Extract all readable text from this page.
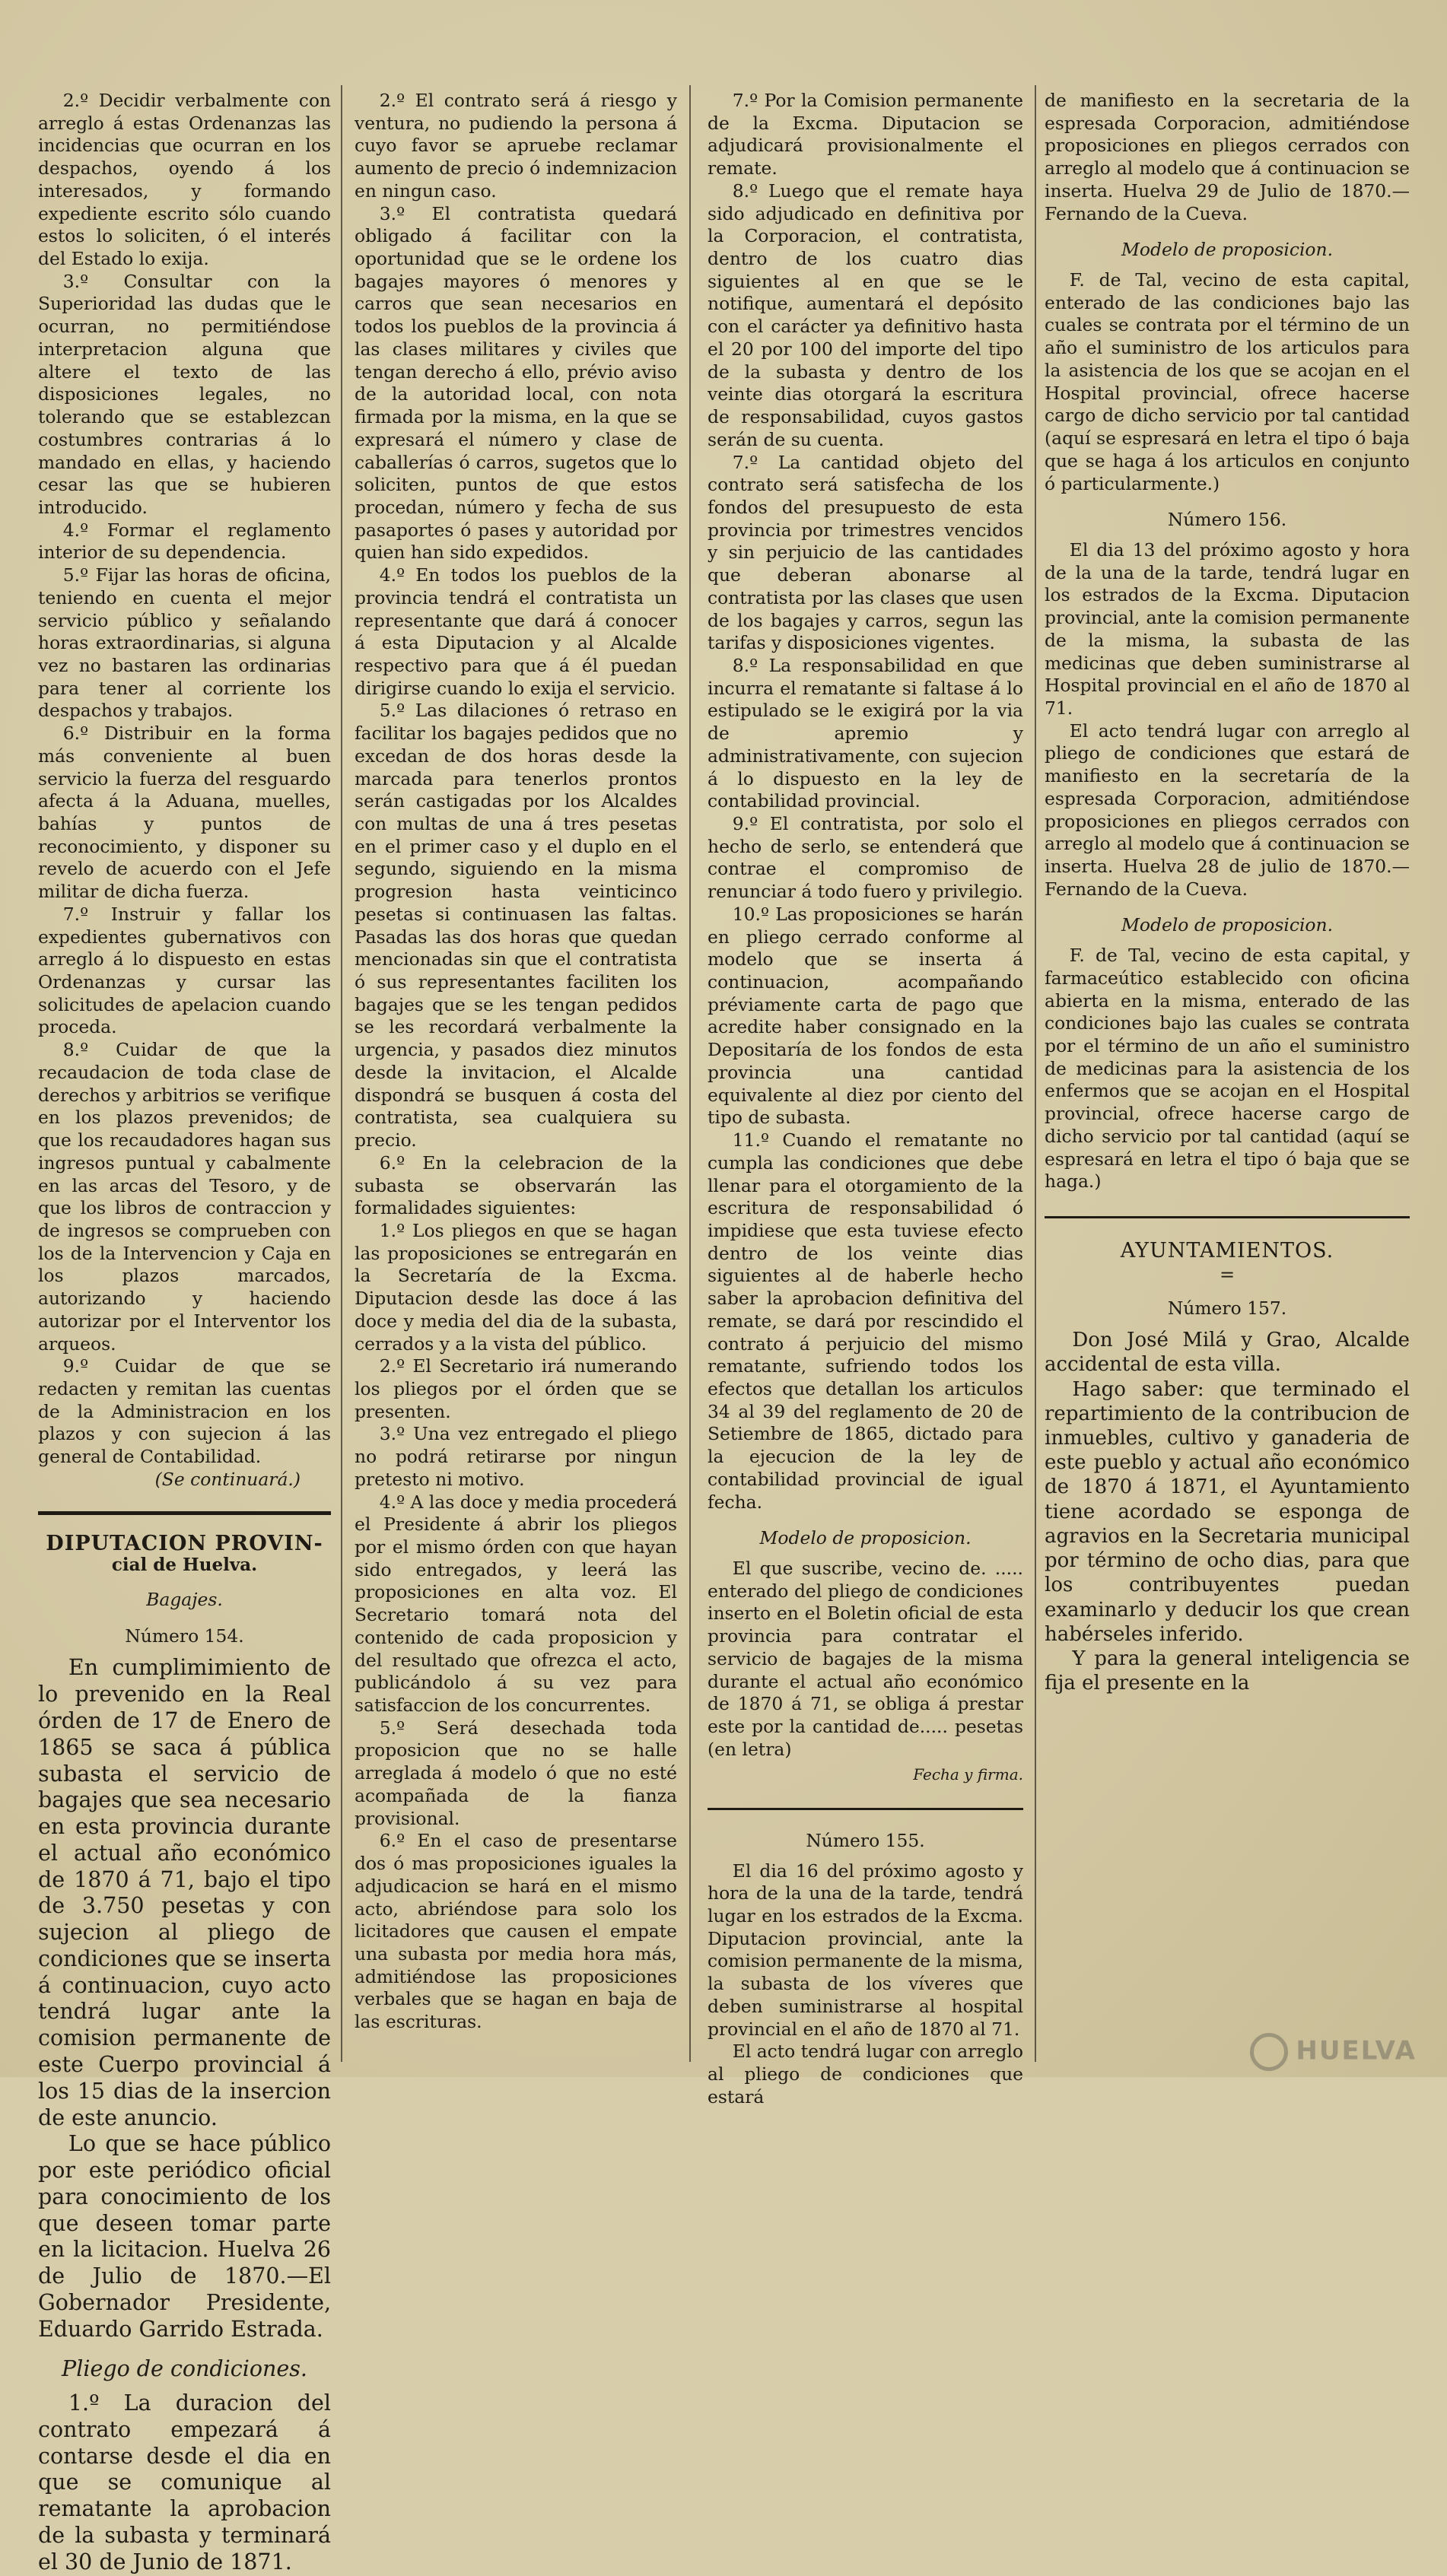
2.º Decidir verbalmente con arreglo á estas Ordenanzas las incidencias que ocurran en los despachos, oyendo á los interesados, y formando expediente escrito sólo cuando estos lo soliciten, ó el interés del Estado lo exija.

3.º Consultar con la Superioridad las dudas que le ocurran, no permitiéndose interpretacion alguna que altere el texto de las disposiciones legales, no tolerando que se establezcan costumbres contrarias á lo mandado en ellas, y haciendo cesar las que se hubieren introducido.

4.º Formar el reglamento interior de su dependencia.

5.º Fijar las horas de oficina, teniendo en cuenta el mejor servicio público y señalando horas extraordinarias, si alguna vez no bastaren las ordinarias para tener al corriente los despachos y trabajos.

6.º Distribuir en la forma más conveniente al buen servicio la fuerza del resguardo afecta á la Aduana, muelles, bahías y puntos de reconocimiento, y disponer su revelo de acuerdo con el Jefe militar de dicha fuerza.

7.º Instruir y fallar los expedientes gubernativos con arreglo á lo dispuesto en estas Ordenanzas y cursar las solicitudes de apelacion cuando proceda.

8.º Cuidar de que la recaudacion de toda clase de derechos y arbitrios se verifique en los plazos prevenidos; de que los recaudadores hagan sus ingresos puntual y cabalmente en las arcas del Tesoro, y de que los libros de contraccion y de ingresos se comprueben con los de la Intervencion y Caja en los plazos marcados, autorizando y haciendo autorizar por el Interventor los arqueos.

9.º Cuidar de que se redacten y remitan las cuentas de la Administracion en los plazos y con sujecion á las general de Contabilidad.

(Se continuará.)

DIPUTACION PROVIN-
cial de Huelva.

Bagajes.

Número 154.

En cumplimimiento de lo prevenido en la Real órden de 17 de Enero de 1865 se saca á pública subasta el servicio de bagajes que sea necesario en esta provincia durante el actual año económico de 1870 á 71, bajo el tipo de 3.750 pesetas y con sujecion al pliego de condiciones que se inserta á continuacion, cuyo acto tendrá lugar ante la comision permanente de este Cuerpo provincial á los 15 dias de la insercion de este anuncio.

Lo que se hace público por este periódico oficial para conocimiento de los que deseen tomar parte en la licitacion. Huelva 26 de Julio de 1870.—El Gobernador Presidente, Eduardo Garrido Estrada.

Pliego de condiciones.

1.º La duracion del contrato empezará á contarse desde el dia en que se comunique al rematante la aprobacion de la subasta y terminará el 30 de Junio de 1871.

2.º El contrato será á riesgo y ventura, no pudiendo la persona á cuyo favor se apruebe reclamar aumento de precio ó indemnizacion en ningun caso.

3.º El contratista quedará obligado á facilitar con la oportunidad que se le ordene los bagajes mayores ó menores y carros que sean necesarios en todos los pueblos de la provincia á las clases militares y civiles que tengan derecho á ello, prévio aviso de la autoridad local, con nota firmada por la misma, en la que se expresará el número y clase de caballerías ó carros, sugetos que lo soliciten, puntos de que estos procedan, número y fecha de sus pasaportes ó pases y autoridad por quien han sido expedidos.

4.º En todos los pueblos de la provincia tendrá el contratista un representante que dará á conocer á esta Diputacion y al Alcalde respectivo para que á él puedan dirigirse cuando lo exija el servicio.

5.º Las dilaciones ó retraso en facilitar los bagajes pedidos que no excedan de dos horas desde la marcada para tenerlos prontos serán castigadas por los Alcaldes con multas de una á tres pesetas en el primer caso y el duplo en el segundo, siguiendo en la misma progresion hasta veinticinco pesetas si continuasen las faltas. Pasadas las dos horas que quedan mencionadas sin que el contratista ó sus representantes faciliten los bagajes que se les tengan pedidos se les recordará verbalmente la urgencia, y pasados diez minutos desde la invitacion, el Alcalde dispondrá se busquen á costa del contratista, sea cualquiera su precio.

6.º En la celebracion de la subasta se observarán las formalidades siguientes:

1.º Los pliegos en que se hagan las proposiciones se entregarán en la Secretaría de la Excma. Diputacion desde las doce á las doce y media del dia de la subasta, cerrados y a la vista del público.

2.º El Secretario irá numerando los pliegos por el órden que se presenten.

3.º Una vez entregado el pliego no podrá retirarse por ningun pretesto ni motivo.

4.º A las doce y media procederá el Presidente á abrir los pliegos por el mismo órden con que hayan sido entregados, y leerá las proposiciones en alta voz. El Secretario tomará nota del contenido de cada proposicion y del resultado que ofrezca el acto, publicándolo á su vez para satisfaccion de los concurrentes.

5.º Será desechada toda proposicion que no se halle arreglada á modelo ó que no esté acompañada de la fianza provisional.

6.º En el caso de presentarse dos ó mas proposiciones iguales la adjudicacion se hará en el mismo acto, abriéndose para solo los licitadores que causen el empate una subasta por media hora más, admitiéndose las proposiciones verbales que se hagan en baja de las escrituras.

7.º Por la Comision permanente de la Excma. Diputacion se adjudicará provisionalmente el remate.

8.º Luego que el remate haya sido adjudicado en definitiva por la Corporacion, el contratista, dentro de los cuatro dias siguientes al en que se le notifique, aumentará el depósito con el carácter ya definitivo hasta el 20 por 100 del importe del tipo de la subasta y dentro de los veinte dias otorgará la escritura de responsabilidad, cuyos gastos serán de su cuenta.

7.º La cantidad objeto del contrato será satisfecha de los fondos del presupuesto de esta provincia por trimestres vencidos y sin perjuicio de las cantidades que deberan abonarse al contratista por las clases que usen de los bagajes y carros, segun las tarifas y disposiciones vigentes.

8.º La responsabilidad en que incurra el rematante si faltase á lo estipulado se le exigirá por la via de apremio y administrativamente, con sujecion á lo dispuesto en la ley de contabilidad provincial.

9.º El contratista, por solo el hecho de serlo, se entenderá que contrae el compromiso de renunciar á todo fuero y privilegio.

10.º Las proposiciones se harán en pliego cerrado conforme al modelo que se inserta á continuacion, acompañando préviamente carta de pago que acredite haber consignado en la Depositaría de los fondos de esta provincia una cantidad equivalente al diez por ciento del tipo de subasta.

11.º Cuando el rematante no cumpla las condiciones que debe llenar para el otorgamiento de la escritura de responsabilidad ó impidiese que esta tuviese efecto dentro de los veinte dias siguientes al de haberle hecho saber la aprobacion definitiva del remate, se dará por rescindido el contrato á perjuicio del mismo rematante, sufriendo todos los efectos que detallan los articulos 34 al 39 del reglamento de 20 de Setiembre de 1865, dictado para la ejecucion de la ley de contabilidad provincial de igual fecha.

Modelo de proposicion.

El que suscribe, vecino de. ..... enterado del pliego de condiciones inserto en el Boletin oficial de esta provincia para contratar el servicio de bagajes de la misma durante el actual año económico de 1870 á 71, se obliga á prestar este por la cantidad de..... pesetas (en letra)

Fecha y firma.

Número 155.

El dia 16 del próximo agosto y hora de la una de la tarde, tendrá lugar en los estrados de la Excma. Diputacion provincial, ante la comision permanente de la misma, la subasta de los víveres que deben suministrarse al hospital provincial en el año de 1870 al 71.

El acto tendrá lugar con arreglo al pliego de condiciones que estará

de manifiesto en la secretaria de la espresada Corporacion, admitiéndose proposiciones en pliegos cerrados con arreglo al modelo que á continuacion se inserta. Huelva 29 de Julio de 1870.—Fernando de la Cueva.

Modelo de proposicion.

F. de Tal, vecino de esta capital, enterado de las condiciones bajo las cuales se contrata por el término de un año el suministro de los articulos para la asistencia de los que se acojan en el Hospital provincial, ofrece hacerse cargo de dicho servicio por tal cantidad (aquí se espresará en letra el tipo ó baja que se haga á los articulos en conjunto ó particularmente.)

Número 156.

El dia 13 del próximo agosto y hora de la una de la tarde, tendrá lugar en los estrados de la Excma. Diputacion provincial, ante la comision permanente de la misma, la subasta de las medicinas que deben suministrarse al Hospital provincial en el año de 1870 al 71.

El acto tendrá lugar con arreglo al pliego de condiciones que estará de manifiesto en la secretaría de la espresada Corporacion, admitiéndose proposiciones en pliegos cerrados con arreglo al modelo que á continuacion se inserta. Huelva 28 de julio de 1870.—Fernando de la Cueva.

Modelo de proposicion.

F. de Tal, vecino de esta capital, y farmaceútico establecido con oficina abierta en la misma, enterado de las condiciones bajo las cuales se contrata por el término de un año el suministro de medicinas para la asistencia de los enfermos que se acojan en el Hospital provincial, ofrece hacerse cargo de dicho servicio por tal cantidad (aquí se espresará en letra el tipo ó baja que se haga.)

AYUNTAMIENTOS.

=

Número 157.

Don José Milá y Grao, Alcalde accidental de esta villa.

Hago saber: que terminado el repartimiento de la contribucion de inmuebles, cultivo y ganaderia de este pueblo y actual año económico de 1870 á 1871, el Ayuntamiento tiene acordado se esponga de agravios en la Secretaria municipal por término de ocho dias, para que los contribuyentes puedan examinarlo y deducir los que crean habérseles inferido.

Y para la general inteligencia se fija el presente en la

HUELVA
